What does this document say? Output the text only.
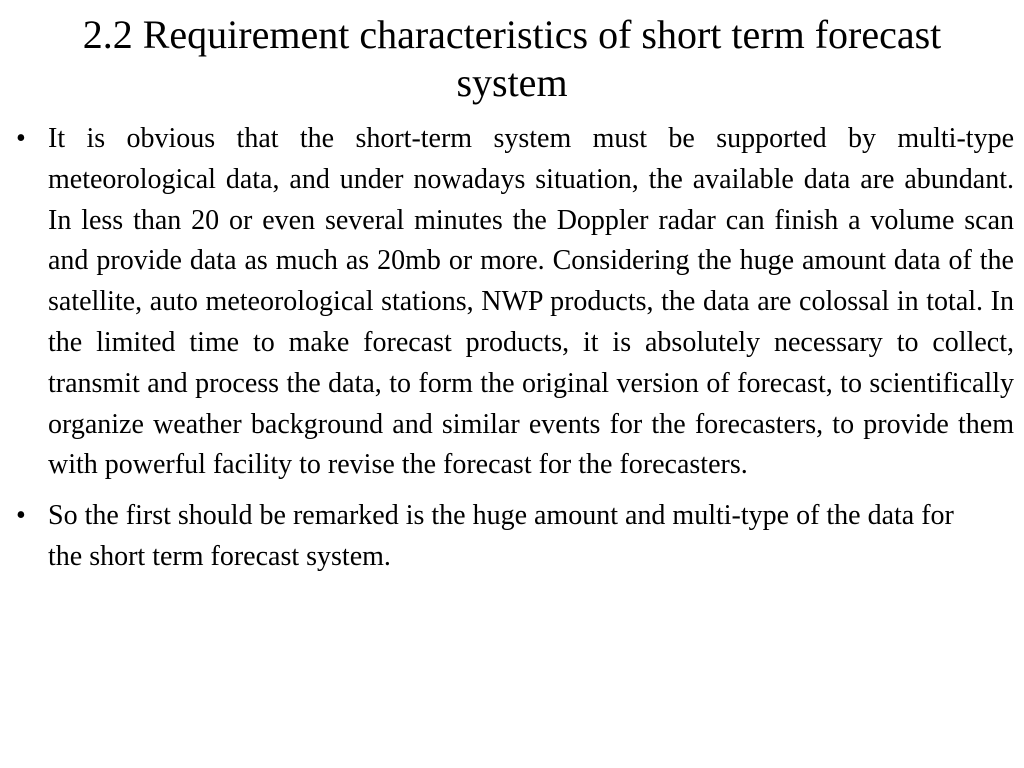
2.2 Requirement characteristics of short term forecast system
• It is obvious that the short-term system must be supported by multi-type meteorological data, and under nowadays situation, the available data are abundant. In less than 20 or even several minutes the Doppler radar can finish a volume scan and provide data as much as 20mb or more. Considering the huge amount data of the satellite, auto meteorological stations, NWP products, the data are colossal in total. In the limited time to make forecast products, it is absolutely necessary to collect, transmit and process the data, to form the original version of forecast, to scientifically organize weather background and similar events for the forecasters, to provide them with powerful facility to revise the forecast for the forecasters.
• So the first should be remarked is the huge amount and multi-type of the data for the short term forecast system.
